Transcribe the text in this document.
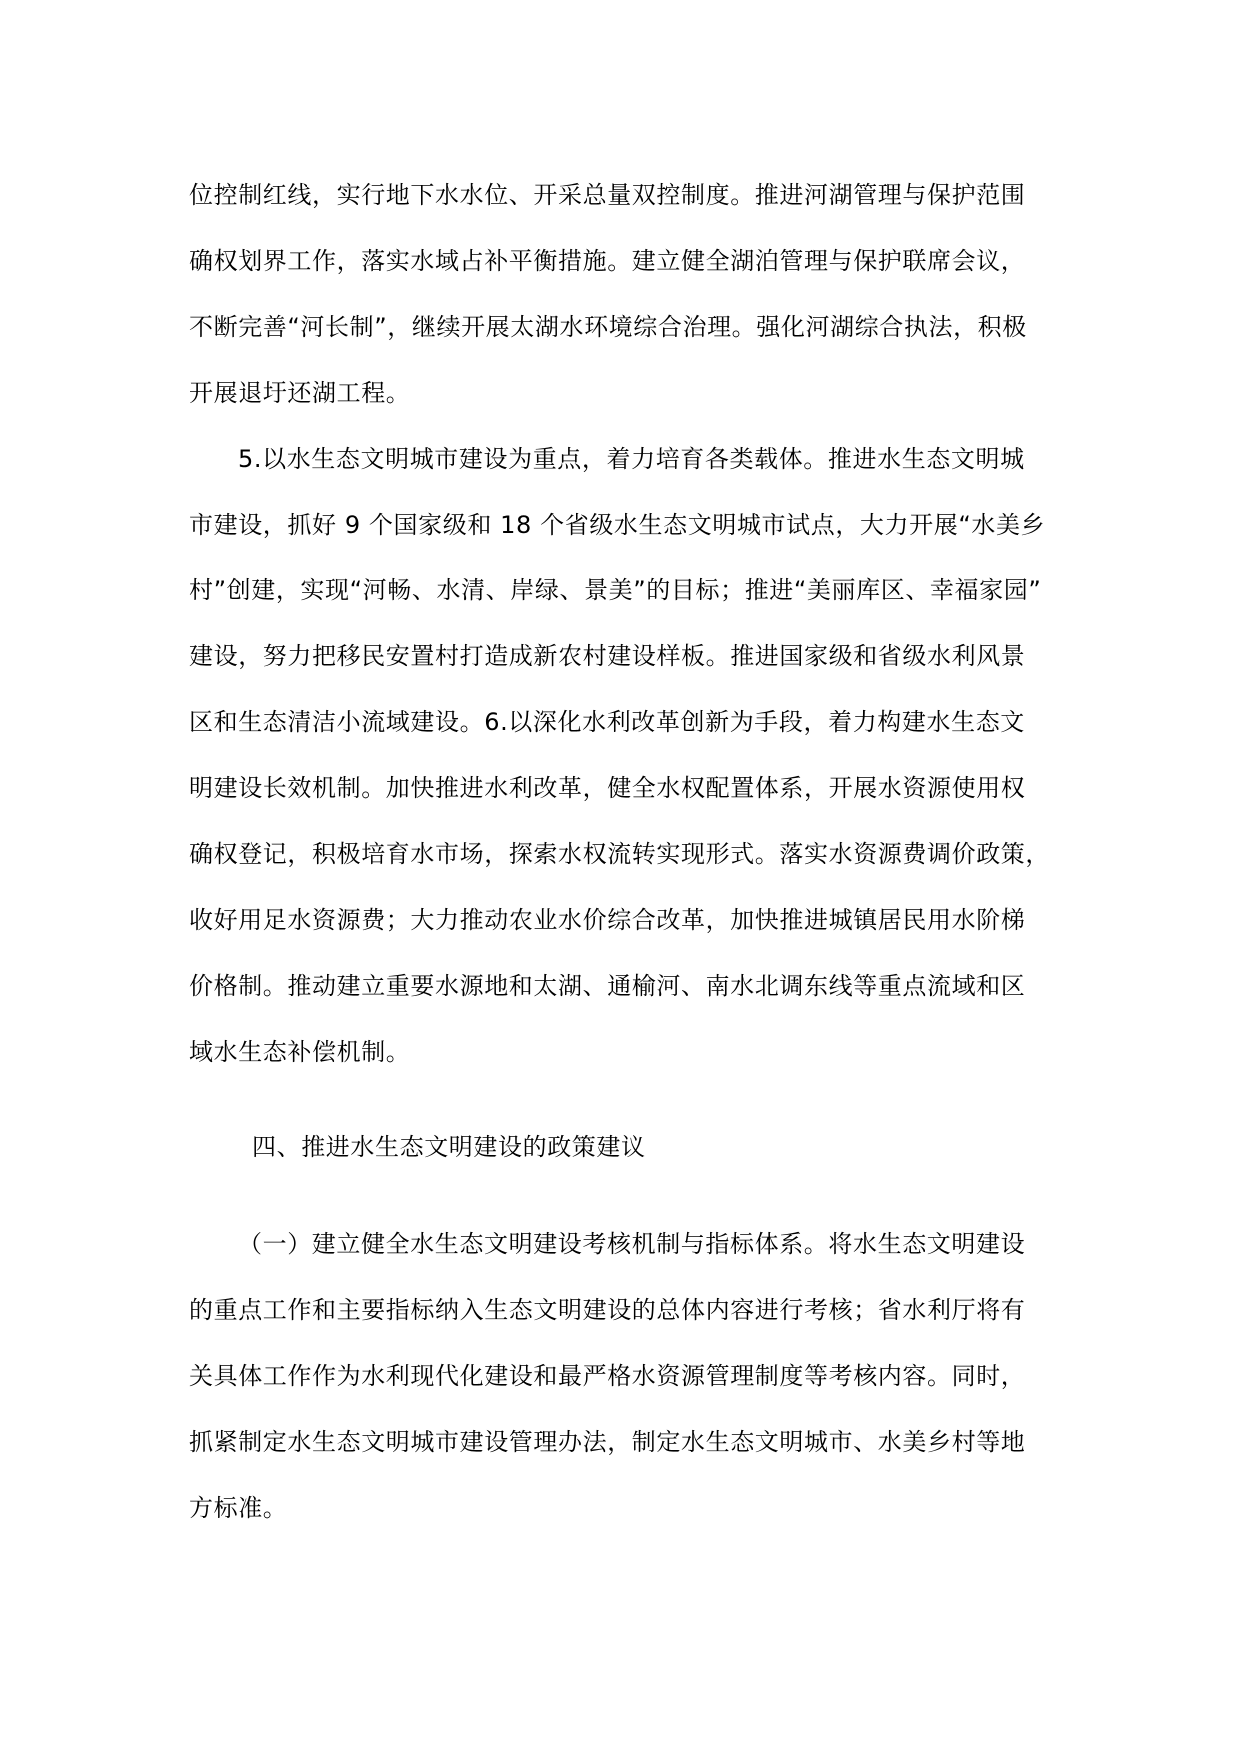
位控制红线，实行地下水水位、开采总量双控制度。推进河湖管理与保护范围
确权划界工作，落实水域占补平衡措施。建立健全湖泊管理与保护联席会议，
不断完善“河长制”，继续开展太湖水环境综合治理。强化河湖综合执法，积极
开展退圩还湖工程。
5.以水生态文明城市建设为重点，着力培育各类载体。推进水生态文明城
市建设，抓好 9 个国家级和 18 个省级水生态文明城市试点，大力开展“水美乡
村”创建，实现“河畅、水清、岸绿、景美”的目标；推进“美丽库区、幸福家园”
建设，努力把移民安置村打造成新农村建设样板。推进国家级和省级水利风景
区和生态清洁小流域建设。6.以深化水利改革创新为手段，着力构建水生态文
明建设长效机制。加快推进水利改革，健全水权配置体系，开展水资源使用权
确权登记，积极培育水市场，探索水权流转实现形式。落实水资源费调价政策，
收好用足水资源费；大力推动农业水价综合改革，加快推进城镇居民用水阶梯
价格制。推动建立重要水源地和太湖、通榆河、南水北调东线等重点流域和区
域水生态补偿机制。
四、推进水生态文明建设的政策建议
（一）建立健全水生态文明建设考核机制与指标体系。将水生态文明建设
的重点工作和主要指标纳入生态文明建设的总体内容进行考核；省水利厅将有
关具体工作作为水利现代化建设和最严格水资源管理制度等考核内容。同时，
抓紧制定水生态文明城市建设管理办法，制定水生态文明城市、水美乡村等地
方标准。
